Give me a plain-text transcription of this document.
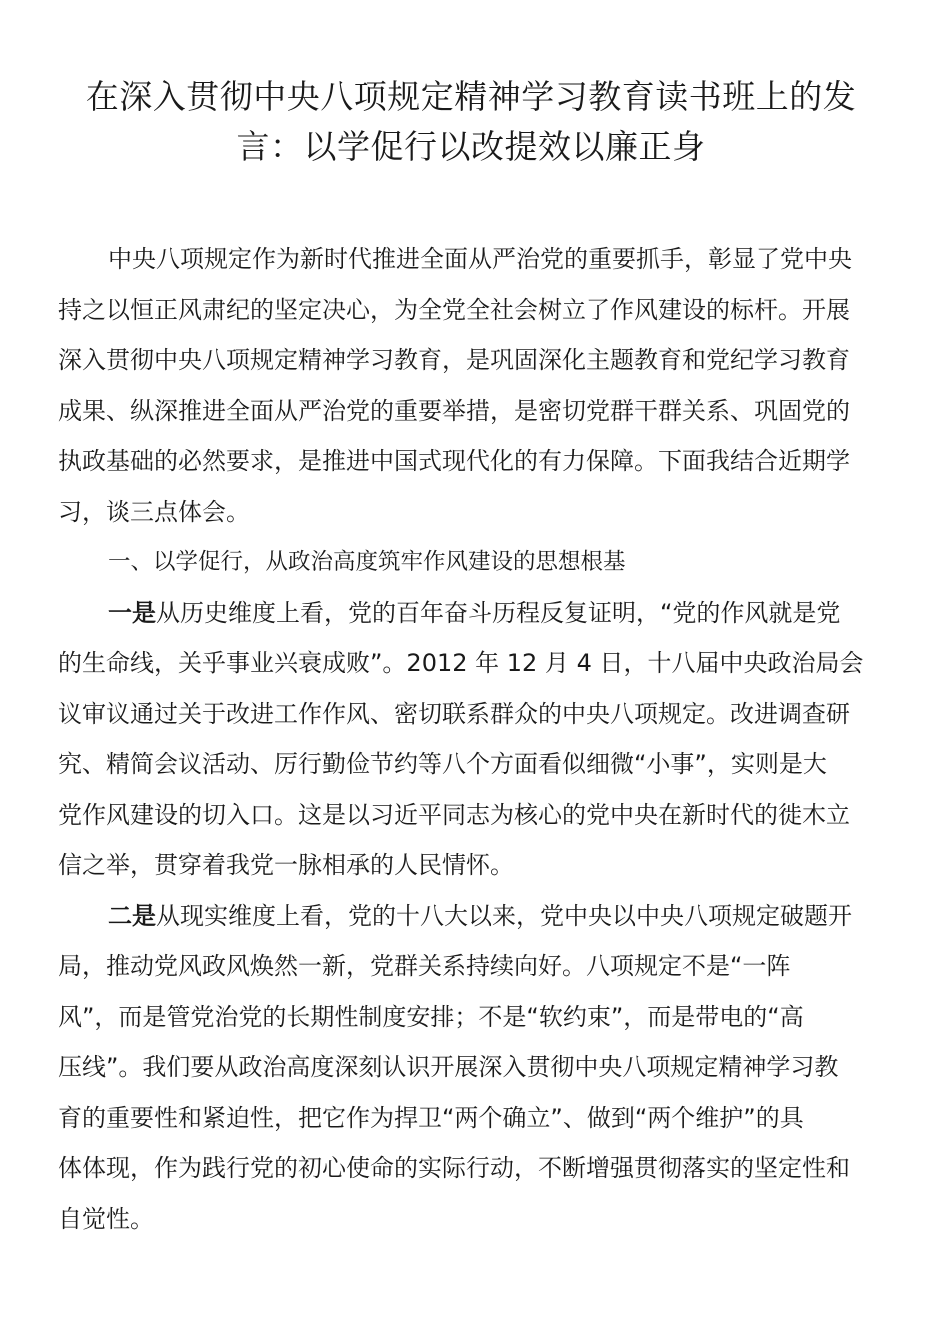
在深入贯彻中央八项规定精神学习教育读书班上的发
言：以学促行以改提效以廉正身

中央八项规定作为新时代推进全面从严治党的重要抓手，彰显了党中央
持之以恒正风肃纪的坚定决心，为全党全社会树立了作风建设的标杆。开展
深入贯彻中央八项规定精神学习教育，是巩固深化主题教育和党纪学习教育
成果、纵深推进全面从严治党的重要举措，是密切党群干群关系、巩固党的
执政基础的必然要求，是推进中国式现代化的有力保障。下面我结合近期学
习，谈三点体会。

一、以学促行，从政治高度筑牢作风建设的思想根基

一是从历史维度上看，党的百年奋斗历程反复证明，“党的作风就是党
的生命线，关乎事业兴衰成败”。2012 年 12 月 4 日，十八届中央政治局会
议审议通过关于改进工作作风、密切联系群众的中央八项规定。改进调查研
究、精简会议活动、厉行勤俭节约等八个方面看似细微“小事”，实则是大
党作风建设的切入口。这是以习近平同志为核心的党中央在新时代的徙木立
信之举，贯穿着我党一脉相承的人民情怀。

二是从现实维度上看，党的十八大以来，党中央以中央八项规定破题开
局，推动党风政风焕然一新，党群关系持续向好。八项规定不是“一阵
风”，而是管党治党的长期性制度安排；不是“软约束”，而是带电的“高
压线”。我们要从政治高度深刻认识开展深入贯彻中央八项规定精神学习教
育的重要性和紧迫性，把它作为捍卫“两个确立”、做到“两个维护”的具
体体现，作为践行党的初心使命的实际行动，不断增强贯彻落实的坚定性和
自觉性。
